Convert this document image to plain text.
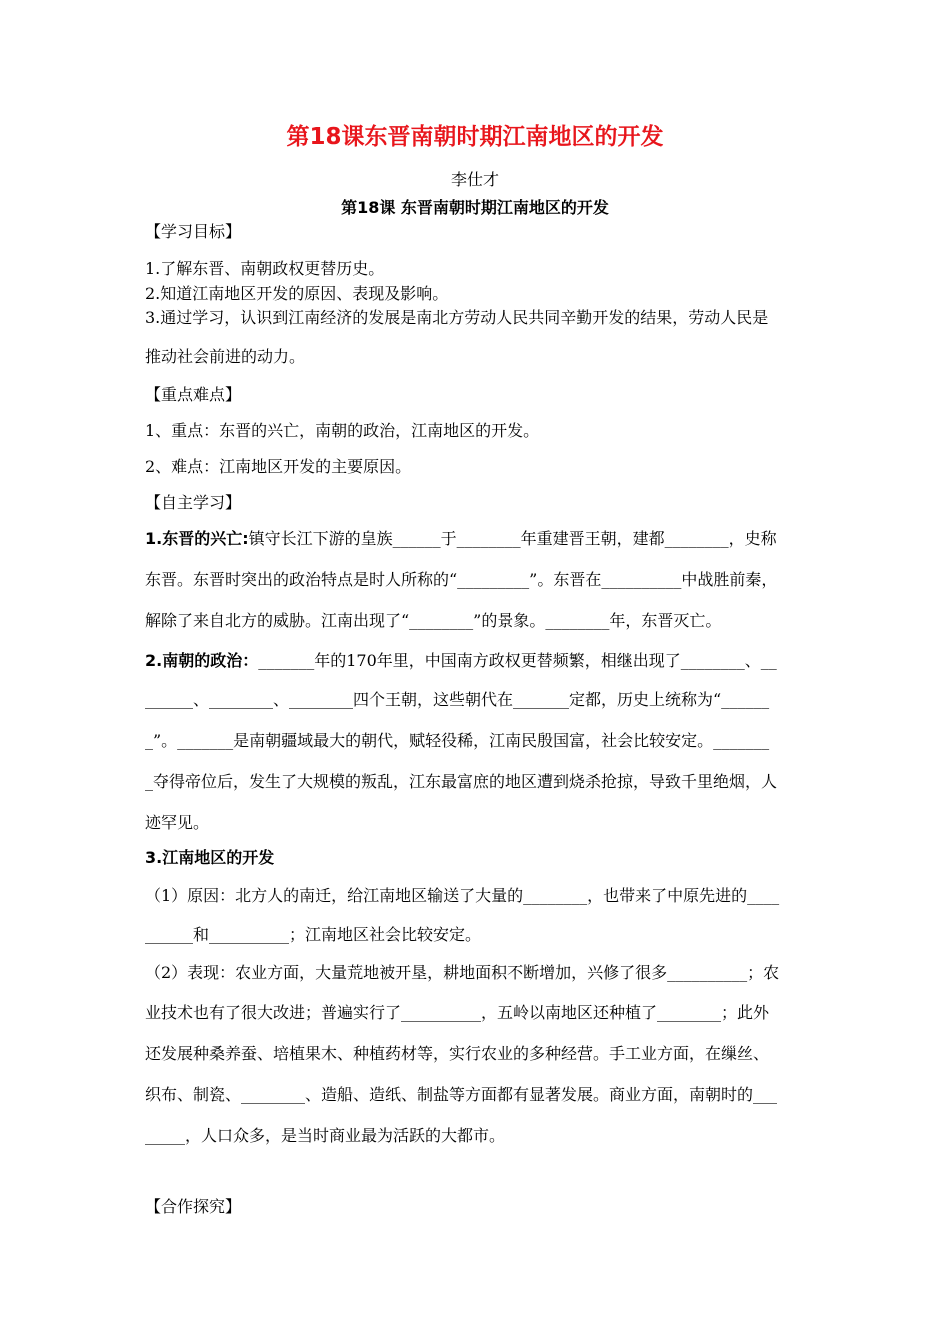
第18课东晋南朝时期江南地区的开发
李仕才
第18课 东晋南朝时期江南地区的开发
【学习目标】
1.了解东晋、南朝政权更替历史。
2.知道江南地区开发的原因、表现及影响。
3.通过学习，认识到江南经济的发展是南北方劳动人民共同辛勤开发的结果，劳动人民是
推动社会前进的动力。
【重点难点】
1、重点：东晋的兴亡，南朝的政治，江南地区的开发。
2、难点：江南地区开发的主要原因。
【自主学习】
1.东晋的兴亡:镇守长江下游的皇族______于________年重建晋王朝，建都________，史称
东晋。东晋时突出的政治特点是时人所称的“_________”。东晋在__________中战胜前秦，
解除了来自北方的威胁。江南出现了“________”的景象。________年，东晋灭亡。
2.南朝的政治：_______年的170年里，中国南方政权更替频繁，相继出现了________、__
______、________、________四个王朝，这些朝代在_______定都，历史上统称为“______
_”。_______是南朝疆域最大的朝代，赋轻役稀，江南民殷国富，社会比较安定。_______
_夺得帝位后，发生了大规模的叛乱，江东最富庶的地区遭到烧杀抢掠，导致千里绝烟，人
迹罕见。
3.江南地区的开发
（1）原因：北方人的南迁，给江南地区输送了大量的________，也带来了中原先进的____
______和__________；江南地区社会比较安定。
（2）表现：农业方面，大量荒地被开垦，耕地面积不断增加，兴修了很多__________；农
业技术也有了很大改进；普遍实行了__________，五岭以南地区还种植了________；此外
还发展种桑养蚕、培植果木、种植药材等，实行农业的多种经营。手工业方面，在缫丝、
织布、制瓷、________、造船、造纸、制盐等方面都有显著发展。商业方面，南朝时的___
_____，人口众多，是当时商业最为活跃的大都市。
【合作探究】
